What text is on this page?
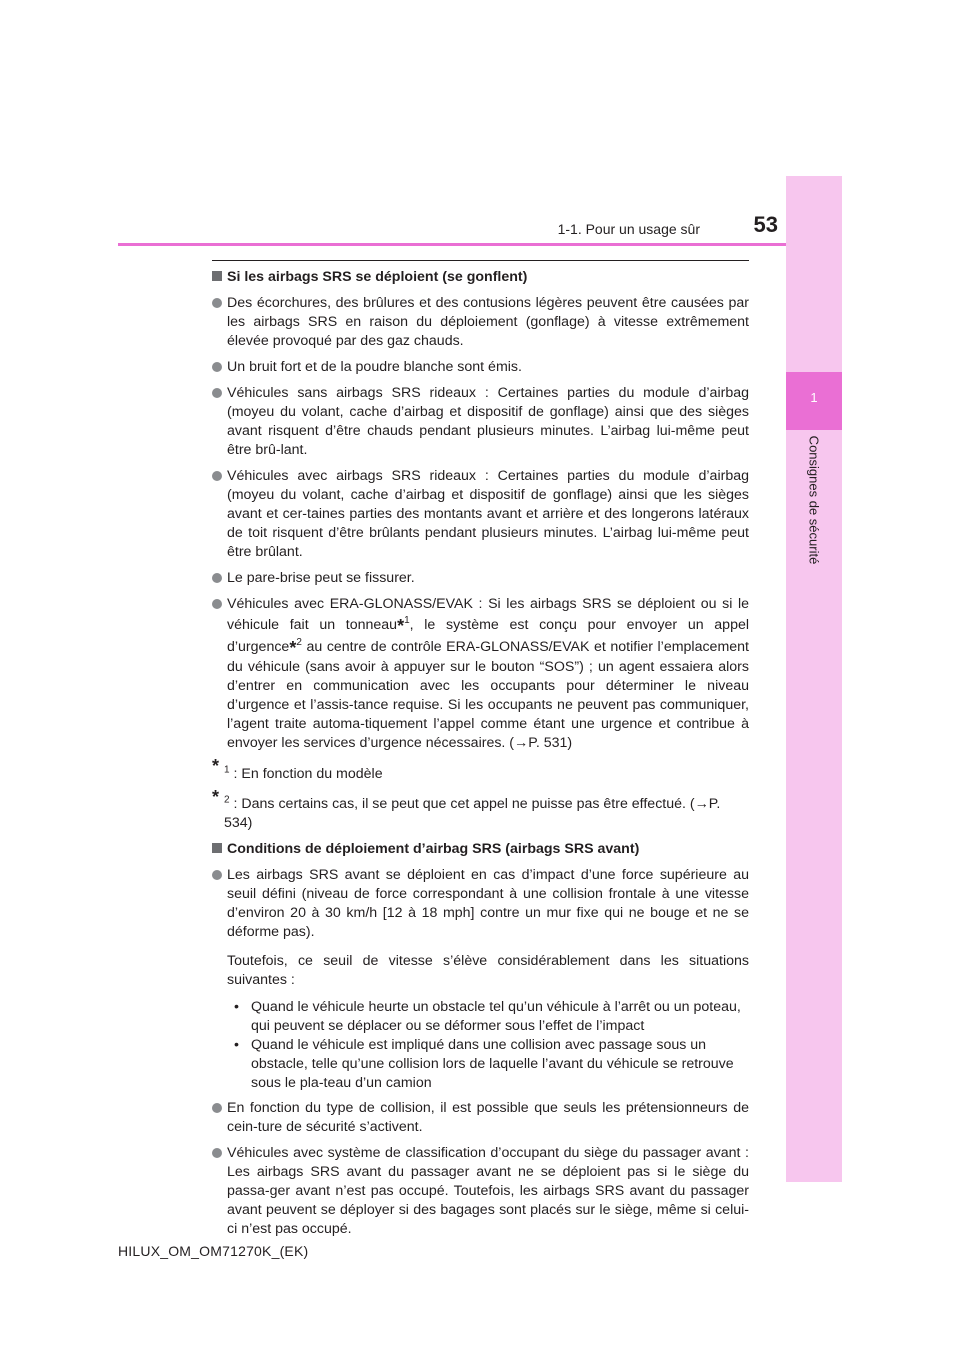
1
Consignes de sécurité
1-1. Pour un usage sûr	53
Si les airbags SRS se déploient (se gonflent)
Des écorchures, des brûlures et des contusions légères peuvent être causées par les airbags SRS en raison du déploiement (gonflage) à vitesse extrêmement élevée provoqué par des gaz chauds.
Un bruit fort et de la poudre blanche sont émis.
Véhicules sans airbags SRS rideaux : Certaines parties du module d’airbag (moyeu du volant, cache d’airbag et dispositif de gonflage) ainsi que des sièges avant risquent d’être chauds pendant plusieurs minutes. L’airbag lui-même peut être brû-lant.
Véhicules avec airbags SRS rideaux : Certaines parties du module d’airbag (moyeu du volant, cache d’airbag et dispositif de gonflage) ainsi que les sièges avant et cer-taines parties des montants avant et arrière et des longerons latéraux de toit risquent d’être brûlants pendant plusieurs minutes. L’airbag lui-même peut être brûlant.
Le pare-brise peut se fissurer.
Véhicules avec ERA-GLONASS/EVAK : Si les airbags SRS se déploient ou si le véhicule fait un tonneau*$^1$, le système est conçu pour envoyer un appel d’urgence*$^2$ au centre de contrôle ERA-GLONASS/EVAK et notifier l’emplacement du véhicule (sans avoir à appuyer sur le bouton “SOS”) ; un agent essaiera alors d’entrer en communication avec les occupants pour déterminer le niveau d’urgence et l’assis-tance requise. Si les occupants ne peuvent pas communiquer, l’agent traite automa-tiquement l’appel comme étant une urgence et contribue à envoyer les services d’urgence nécessaires. (→P. 531)
* $^1$ : En fonction du modèle
* $^2$ : Dans certains cas, il se peut que cet appel ne puisse pas être effectué. (→P. 534)
Conditions de déploiement d’airbag SRS (airbags SRS avant)
Les airbags SRS avant se déploient en cas d’impact d’une force supérieure au seuil défini (niveau de force correspondant à une collision frontale à une vitesse d’environ 20 à 30 km/h [12 à 18 mph] contre un mur fixe qui ne bouge et ne se déforme pas).
Toutefois, ce seuil de vitesse s’élève considérablement dans les situations suivantes :
• Quand le véhicule heurte un obstacle tel qu’un véhicule à l’arrêt ou un poteau, qui peuvent se déplacer ou se déformer sous l’effet de l’impact
• Quand le véhicule est impliqué dans une collision avec passage sous un obstacle, telle qu’une collision lors de laquelle l’avant du véhicule se retrouve sous le pla-teau d’un camion
En fonction du type de collision, il est possible que seuls les prétensionneurs de cein-ture de sécurité s’activent.
Véhicules avec système de classification d’occupant du siège du passager avant : Les airbags SRS avant du passager avant ne se déploient pas si le siège du passa-ger avant n’est pas occupé. Toutefois, les airbags SRS avant du passager avant peuvent se déployer si des bagages sont placés sur le siège, même si celui-ci n’est pas occupé.
HILUX_OM_OM71270K_(EK)
